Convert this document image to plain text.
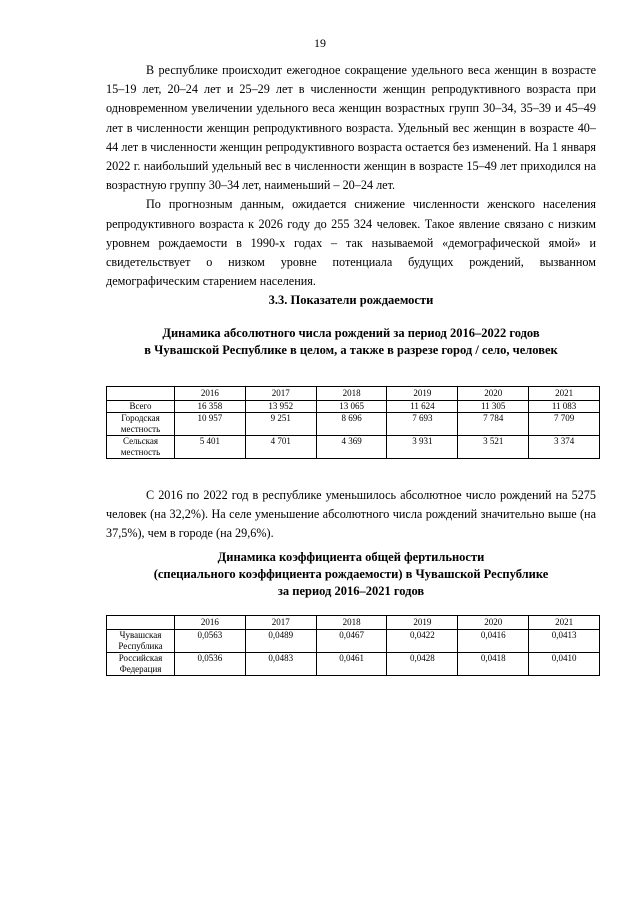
19

В республике происходит ежегодное сокращение удельного веса женщин в возрасте 15–19 лет, 20–24 лет и 25–29 лет в численности женщин репродуктивного возраста при одновременном увеличении удельного веса женщин возрастных групп 30–34, 35–39 и 45–49 лет в численности женщин репродуктивного возраста. Удельный вес женщин в возрасте 40–44 лет в численности женщин репродуктивного возраста остается без изменений. На 1 января 2022 г. наибольший удельный вес в численности женщин в возрасте 15–49 лет приходился на возрастную группу 30–34 лет, наименьший – 20–24 лет.

По прогнозным данным, ожидается снижение численности женского населения репродуктивного возраста к 2026 году до 255 324 человек. Такое явление связано с низким уровнем рождаемости в 1990-х годах – так называемой «демографической ямой» и свидетельствует о низком уровне потенциала будущих рождений, вызванном демографическим старением населения.

3.3. Показатели рождаемости
Динамика абсолютного числа рождений за период 2016–2022 годов
в Чувашской Республике в целом, а также в разрезе город / село, человек
	2016	2017	2018	2019	2020	2021
Всего	16 358	13 952	13 065	11 624	11 305	11 083
Городская местность	10 957	9 251	8 696	7 693	7 784	7 709
Сельская местность	5 401	4 701	4 369	3 931	3 521	3 374

С 2016 по 2022 год в республике уменьшилось абсолютное число рождений на 5275 человек (на 32,2%). На селе уменьшение абсолютного числа рождений значительно выше (на 37,5%), чем в городе (на 29,6%).

Динамика коэффициента общей фертильности
(специального коэффициента рождаемости) в Чувашской Республике
за период 2016–2021 годов
	2016	2017	2018	2019	2020	2021
Чувашская Республика	0,0563	0,0489	0,0467	0,0422	0,0416	0,0413
Российская Федерация	0,0536	0,0483	0,0461	0,0428	0,0418	0,0410
